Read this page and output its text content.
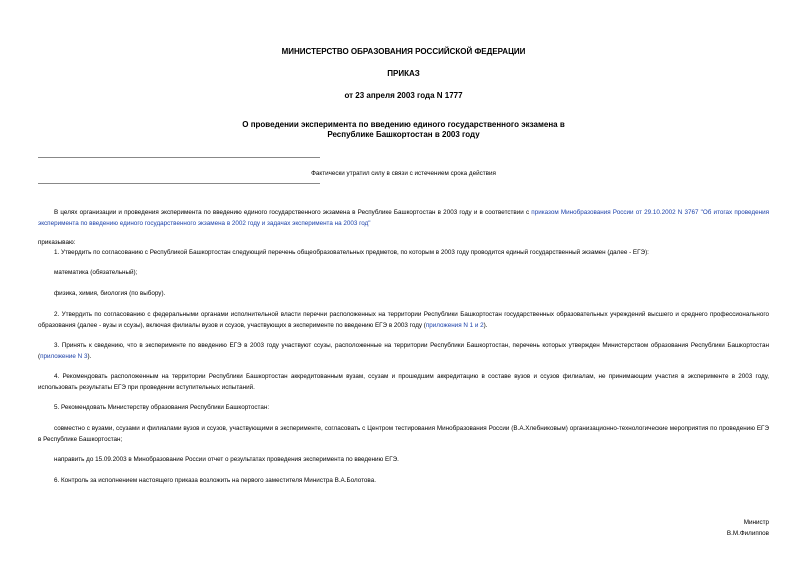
МИНИСТЕРСТВО ОБРАЗОВАНИЯ РОССИЙСКОЙ ФЕДЕРАЦИИ

ПРИКАЗ

от 23 апреля 2003 года N 1777

О проведении эксперимента по введению единого государственного экзамена в

Республике Башкортостан в 2003 году

Фактически утратил силу в связи с истечением срока действия

В целях организации и проведения эксперимента по введению единого государственного экзамена в Республике Башкортостан в 2003 году и в соответствии с приказом Минобразования России от 29.10.2002 N 3767 "Об итогах проведения эксперимента по введению единого государственного экзамена в 2002 году и задачах эксперимента на 2003 год"

приказываю:

1. Утвердить по согласованию с Республикой Башкортостан следующий перечень общеобразовательных предметов, по которым в 2003 году проводится единый государственный экзамен (далее - ЕГЭ):

математика (обязательный);

физика, химия, биология (по выбору).

2. Утвердить по согласованию с федеральными органами исполнительной власти перечни расположенных на территории Республики Башкортостан государственных образовательных учреждений высшего и среднего профессионального образования (далее - вузы и ссузы), включая филиалы вузов и ссузов, участвующих в эксперименте по введению ЕГЭ в 2003 году (приложения N 1 и 2).

3. Принять к сведению, что в эксперименте по введению ЕГЭ в 2003 году участвуют ссузы, расположенные на территории Республики Башкортостан, перечень которых утвержден Министерством образования Республики Башкортостан (приложение N 3).

4. Рекомендовать расположенным на территории Республики Башкортостан аккредитованным вузам, ссузам и прошедшим аккредитацию в составе вузов и ссузов филиалам, не принимающим участия в эксперименте в 2003 году, использовать результаты ЕГЭ при проведении вступительных испытаний.

5. Рекомендовать Министерству образования Республики Башкортостан:

совместно с вузами, ссузами и филиалами вузов и ссузов, участвующими в эксперименте, согласовать с Центром тестирования Минобразования России (В.А.Хлебниковым) организационно-технологические мероприятия по проведению ЕГЭ в Республике Башкортостан;

направить до 15.09.2003 в Минобразование России отчет о результатах проведения эксперимента по введению ЕГЭ.

6. Контроль за исполнением настоящего приказа возложить на первого заместителя Министра В.А.Болотова.

Министр

В.М.Филиппов
